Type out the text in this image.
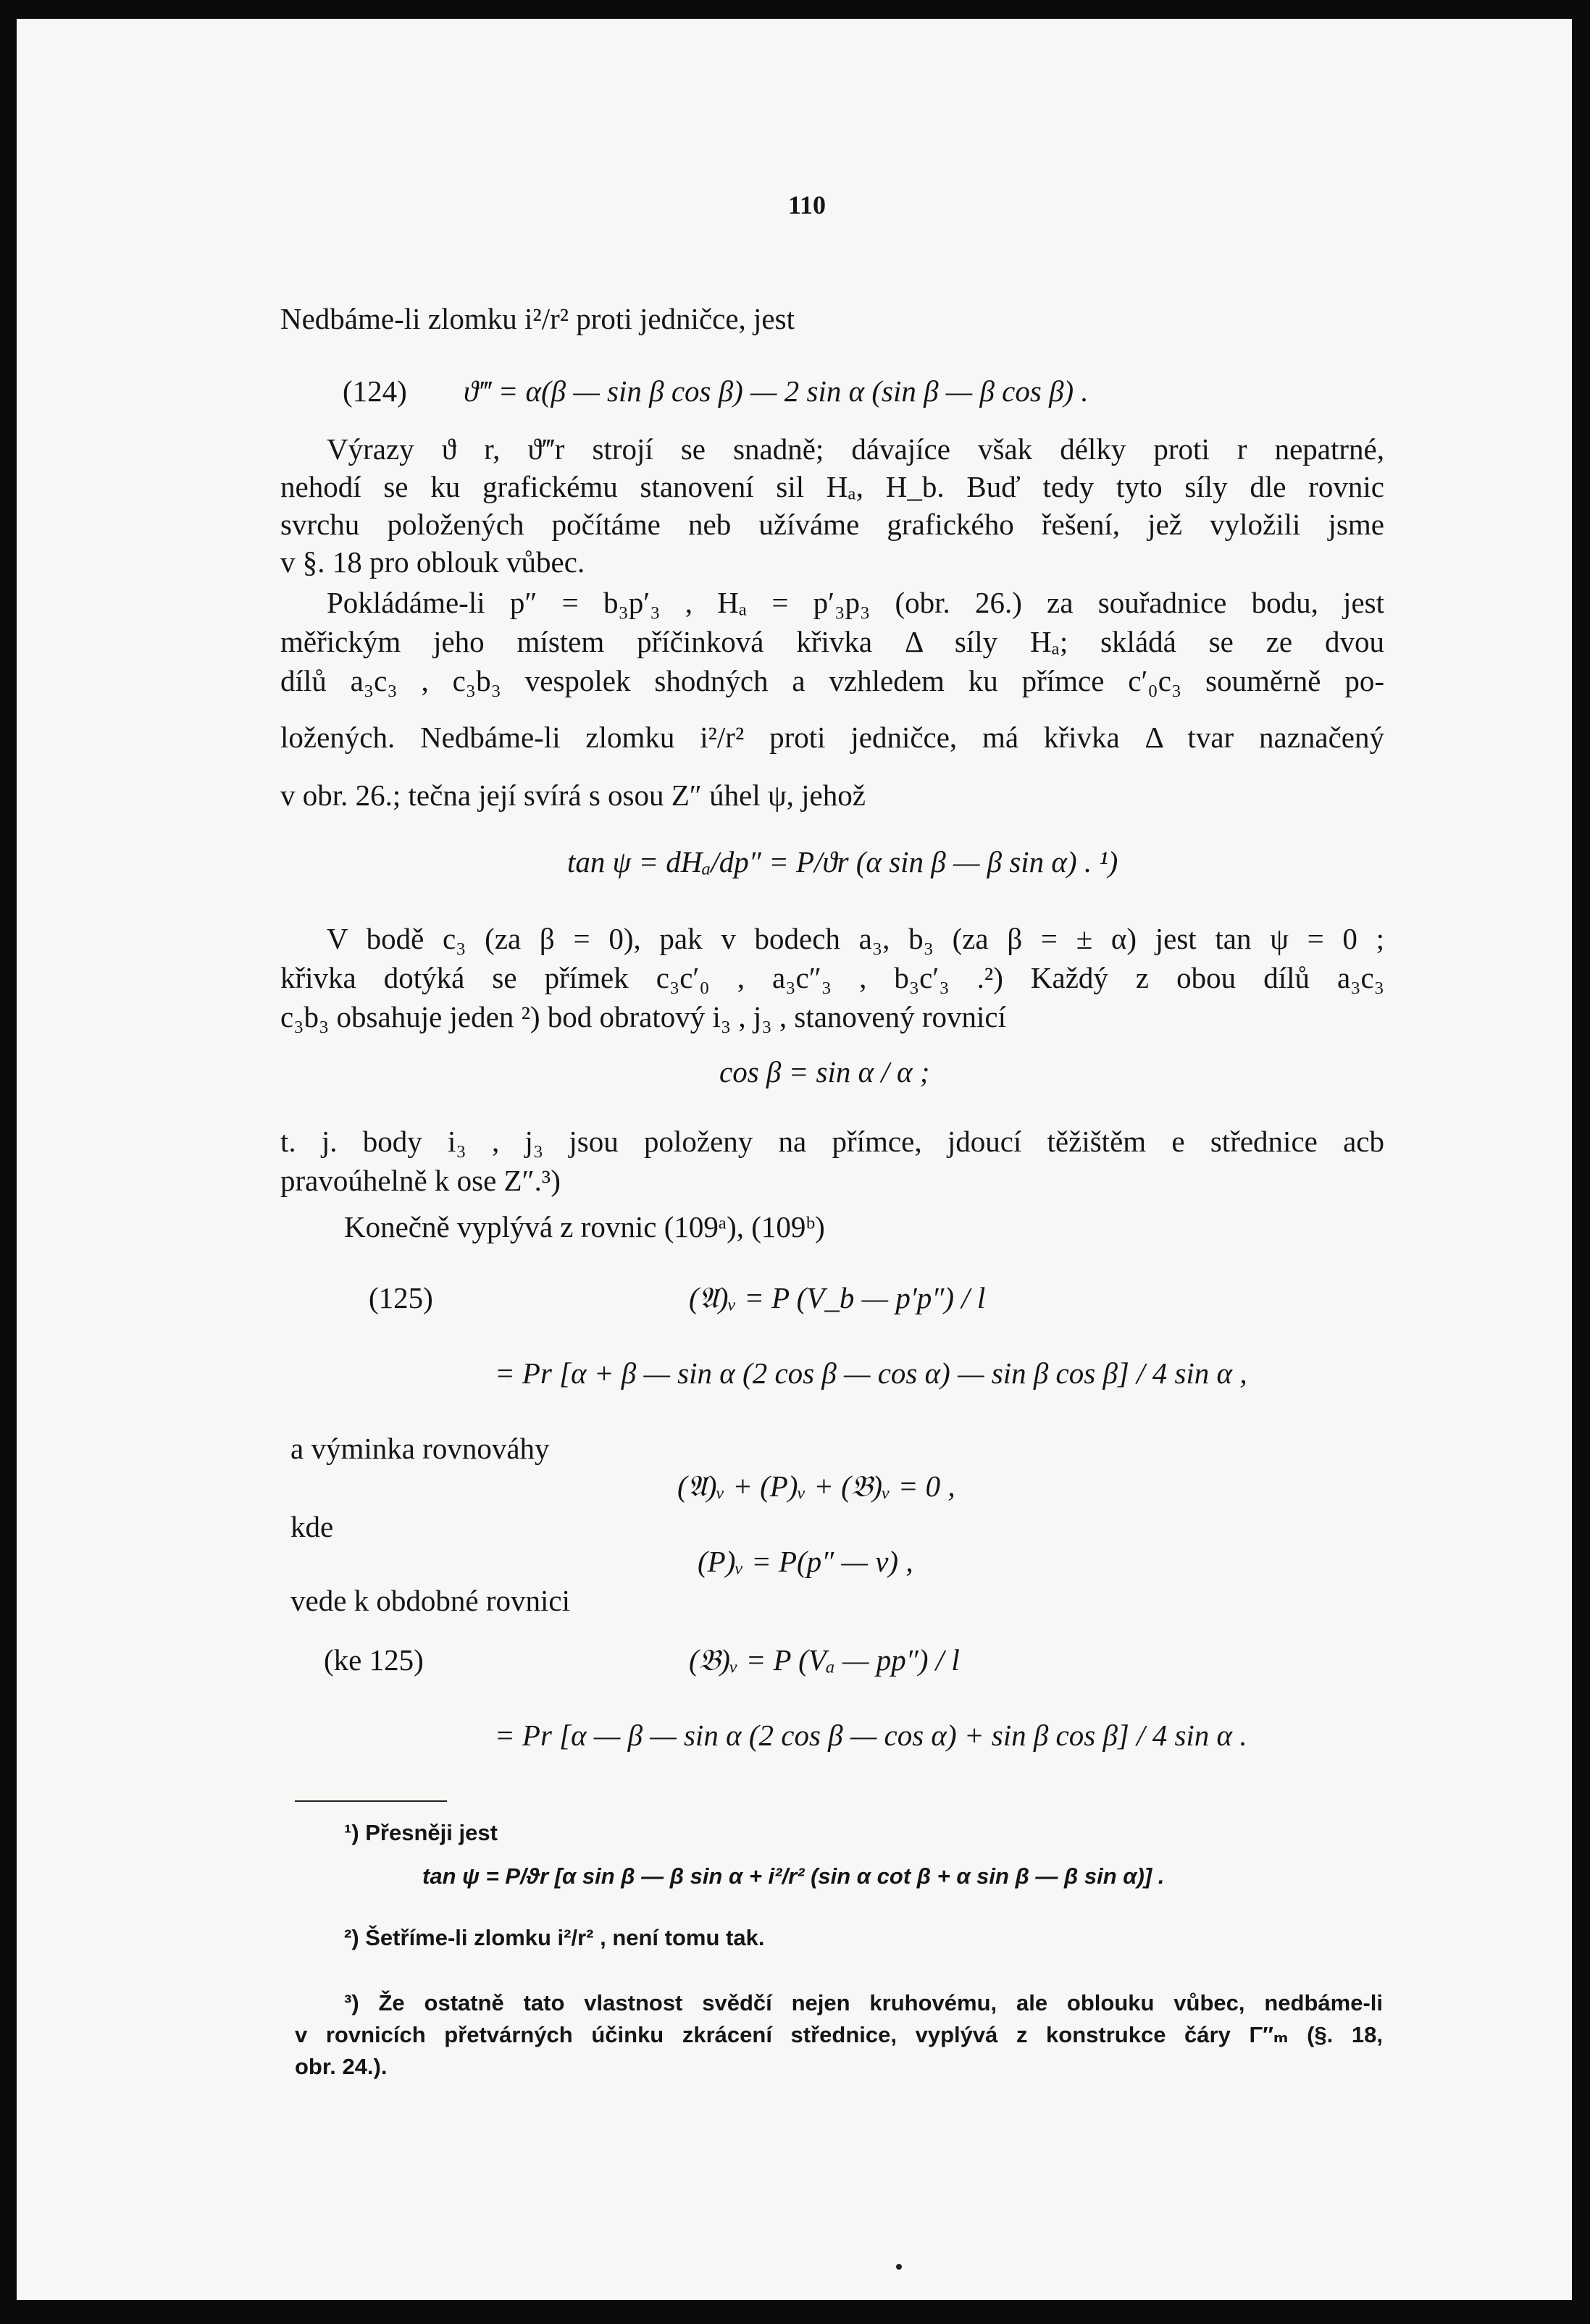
110
Nedbáme-li zlomku i²/r² proti jedničce, jest
(124) ϑ‴ = α(β — sin β cos β) — 2 sin α (sin β — β cos β) .
Výrazy ϑ r, ϑ‴r strojí se snadně; dávajíce však délky proti r nepatrné,
nehodí se ku grafickému stanovení sil Hₐ, H_b. Buď tedy tyto síly dle rovnic
svrchu položených počítáme neb užíváme grafického řešení, jež vyložili jsme
v §. 18 pro oblouk vůbec.
Pokládáme-li p″ = b₃p′₃ , Hₐ = p′₃p₃ (obr. 26.) za souřadnice bodu, jest
měřickým jeho místem příčinková křivka Δ síly Hₐ; skládá se ze dvou
dílů a₃c₃ , c₃b₃ vespolek shodných a vzhledem ku přímce c′₀c₃ souměrně po-
ložených. Nedbáme-li zlomku i²/r² proti jedničce, má křivka Δ tvar naznačený
v obr. 26.; tečna její svírá s osou Z″ úhel ψ, jehož
tan ψ = dHₐ/dp″ = P/ϑr (α sin β — β sin α) . ¹)
V bodě c₃ (za β = 0), pak v bodech a₃, b₃ (za β = ± α) jest tan ψ = 0 ;
křivka dotýká se přímek c₃c′₀ , a₃c″₃ , b₃c′₃ .²) Každý z obou dílů a₃c₃
c₃b₃ obsahuje jeden ²) bod obratový i₃ , j₃ , stanovený rovnicí
cos β = sin α / α ;
t. j. body i₃ , j₃ jsou položeny na přímce, jdoucí těžištěm e střednice acb
pravoúhelně k ose Z″.³)
Konečně vyplývá z rovnic (109ᵃ), (109ᵇ)
(125)	(𝔄)ᵥ = P (V_b — p′p″) / l
= Pr [α + β — sin α (2 cos β — cos α) — sin β cos β] / 4 sin α ,
a výminka rovnováhy
(𝔄)ᵥ + (P)ᵥ + (𝔅)ᵥ = 0 ,
kde
(P)ᵥ = P(p″ — v) ,
vede k obdobné rovnici
(ke 125)	(𝔅)ᵥ = P (Vₐ — pp″) / l
= Pr [α — β — sin α (2 cos β — cos α) + sin β cos β] / 4 sin α .
¹) Přesněji jest
tan ψ = P/ϑr [α sin β — β sin α + i²/r² (sin α cot β + α sin β — β sin α)] .
²) Šetříme-li zlomku i²/r² , není tomu tak.
³) Že ostatně tato vlastnost svědčí nejen kruhovému, ale oblouku vůbec, nedbáme-li
v rovnicích přetvárných účinku zkrácení střednice, vyplývá z konstrukce čáry Γ″ₘ (§. 18,
obr. 24.).
